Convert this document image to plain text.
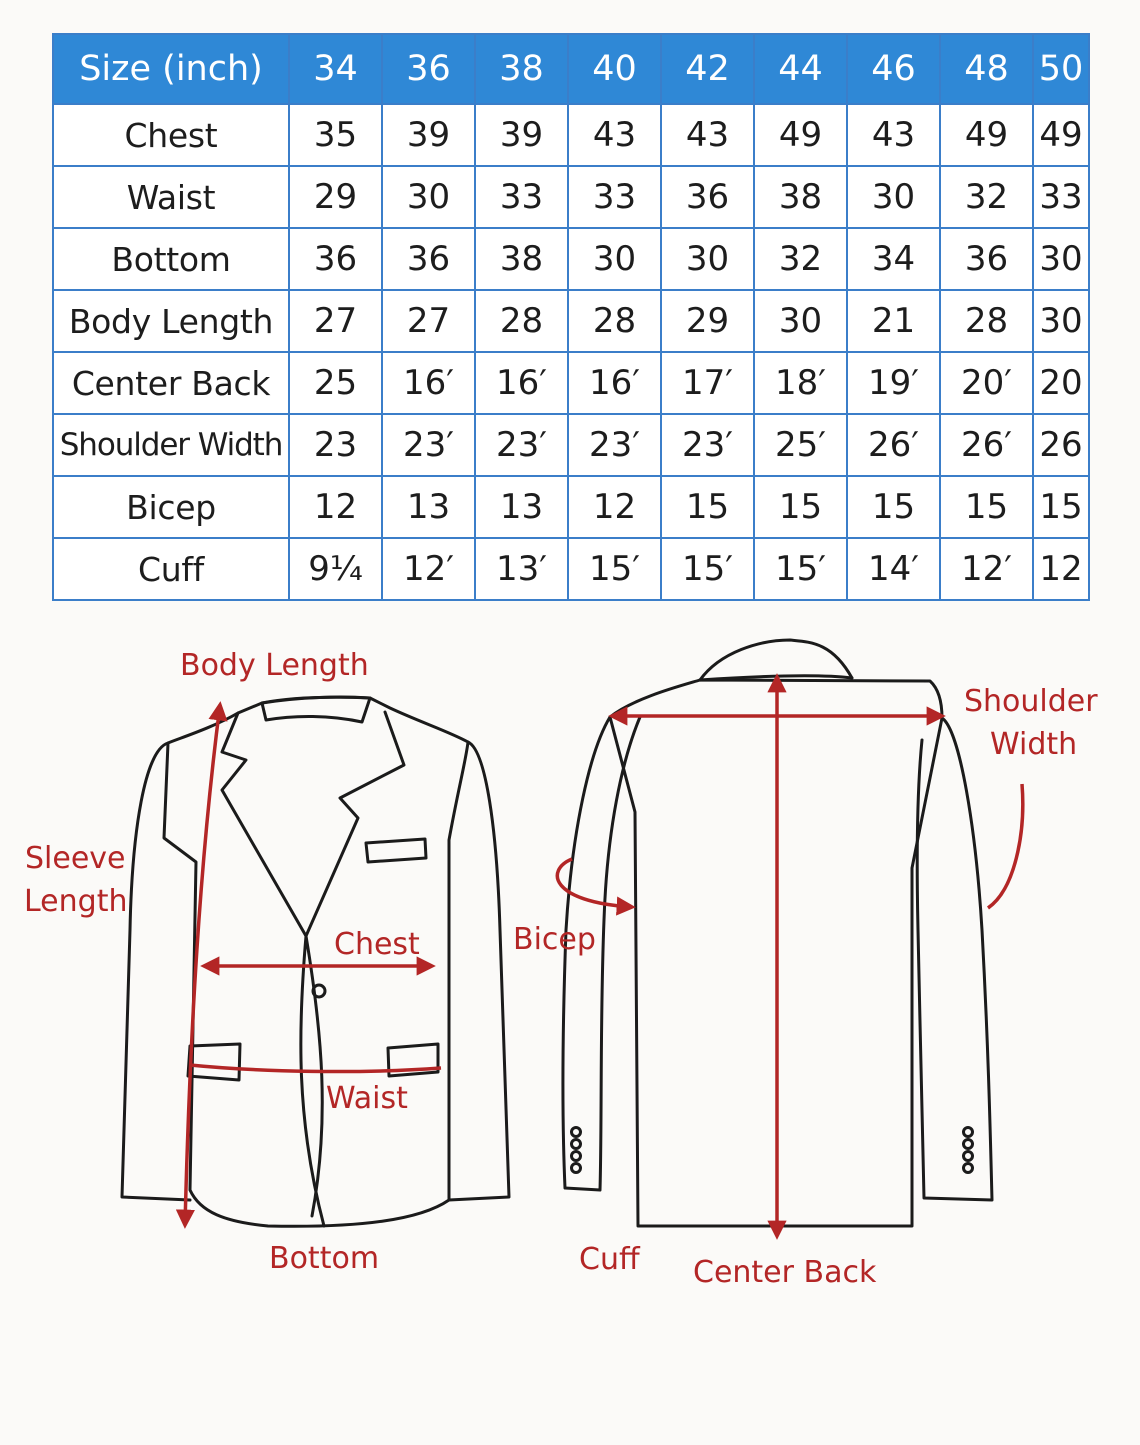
Size (inch)	34	36	38	40	42	44	46	48	50
Chest	35	39	39	43	43	49	43	49	49
Waist	29	30	33	33	36	38	30	32	33
Bottom	36	36	38	30	30	32	34	36	30
Body Length	27	27	28	28	29	30	21	28	30
Center Back	25	16′	16′	16′	17′	18′	19′	20′	20
Shoulder Width	23	23′	23′	23′	23′	25′	26′	26′	26
Bicep	12	13	13	12	15	15	15	15	15
Cuff	9¼	12′	13′	15′	15′	15′	14′	12′	12
Body Length
Sleeve
Length
Chest
Waist
Bottom
Shoulder
Width
Bicep
Cuff Center Back
